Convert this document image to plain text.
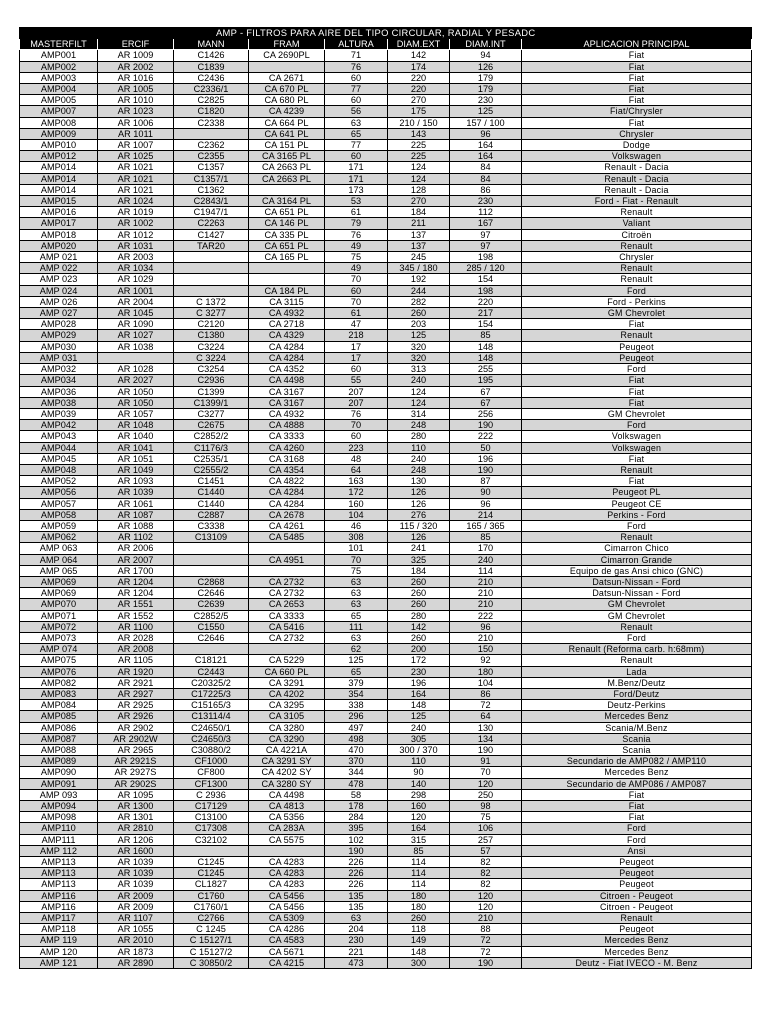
AMP - FILTROS PARA AIRE DEL TIPO CIRCULAR, RADIAL Y PESADC							
MASTERFILT	ERCIF	MANN	FRAM	ALTURA	DIAM.EXT	DIAM.INT	APLICACION PRINCIPAL
AMP001	AR 1009	C1426	CA 2690PL	71	142	94	Fiat
AMP002	AR 2002	C1839		76	174	126	Fiat
AMP003	AR 1016	C2436	CA 2671	60	220	179	Fiat
AMP004	AR 1005	C2336/1	CA 670 PL	77	220	179	Fiat
AMP005	AR 1010	C2825	CA 680 PL	60	270	230	Fiat
AMP007	AR 1023	C1820	CA 4239	56	175	125	Fiat/Chrysler
AMP008	AR 1006	C2338	CA 664 PL	63	210 / 150	157 / 100	Fiat
AMP009	AR 1011		CA 641 PL	65	143	96	Chrysler
AMP010	AR 1007	C2362	CA 151 PL	77	225	164	Dodge
AMP012	AR 1025	C2355	CA 3165 PL	60	225	164	Volkswagen
AMP014	AR 1021	C1357	CA 2663 PL	171	124	84	Renault - Dacia
AMP014	AR 1021	C1357/1	CA 2663 PL	171	124	84	Renault - Dacia
AMP014	AR 1021	C1362		173	128	86	Renault - Dacia
AMP015	AR 1024	C2843/1	CA 3164 PL	53	270	230	Ford - Fiat - Renault
AMP016	AR 1019	C1947/1	CA 651 PL	61	184	112	Renault
AMP017	AR 1002	C2263	CA 146 PL	79	211	167	Valiant
AMP018	AR 1012	C1427	CA 335 PL	76	137	97	Citroën
AMP020	AR 1031	TAR20	CA 651 PL	49	137	97	Renault
AMP 021	AR 2003		CA 165 PL	75	245	198	Chrysler
AMP 022	AR 1034			49	345 / 180	285 / 120	Renault
AMP 023	AR 1029			70	192	154	Renault
AMP 024	AR 1001		CA 184 PL	60	244	198	Ford
AMP 026	AR 2004	C 1372	CA 3115	70	282	220	Ford - Perkins
AMP 027	AR 1045	C 3277	CA 4932	61	260	217	GM Chevrolet
AMP028	AR 1090	C2120	CA 2718	47	203	154	Fiat
AMP029	AR 1027	C1380	CA 4329	218	125	85	Renault
AMP030	AR 1038	C3224	CA 4284	17	320	148	Peugeot
AMP 031		C 3224	CA 4284	17	320	148	Peugeot
AMP032	AR 1028	C3254	CA 4352	60	313	255	Ford
AMP034	AR 2027	C2936	CA 4498	55	240	195	Fiat
AMP036	AR 1050	C1399	CA 3167	207	124	67	Fiat
AMP038	AR 1050	C1399/1	CA 3167	207	124	67	Fiat
AMP039	AR 1057	C3277	CA 4932	76	314	256	GM Chevrolet
AMP042	AR 1048	C2675	CA 4888	70	248	190	Ford
AMP043	AR 1040	C2852/2	CA 3333	60	280	222	Volkswagen
AMP044	AR 1041	C1176/3	CA 4260	223	110	50	Volkswagen
AMP045	AR 1051	C2535/1	CA 3168	48	240	196	Fiat
AMP048	AR 1049	C2555/2	CA 4354	64	248	190	Renault
AMP052	AR 1093	C1451	CA 4822	163	130	87	Fiat
AMP056	AR 1039	C1440	CA 4284	172	126	90	Peugeot PL
AMP057	AR 1061	C1440	CA 4284	160	126	96	Peugeot CE
AMP058	AR 1087	C2887	CA 2678	104	276	214	Perkins - Ford
AMP059	AR 1088	C3338	CA 4261	46	115 / 320	165 / 365	Ford
AMP062	AR 1102	C13109	CA 5485	308	126	85	Renault
AMP 063	AR 2006			101	241	170	Cimarron Chico
AMP 064	AR 2007		CA 4951	70	325	240	Cimarron Grande
AMP 065	AR 1700			75	184	114	Equipo de gas Ansi chico (GNC)
AMP069	AR 1204	C2868	CA 2732	63	260	210	Datsun-Nissan - Ford
AMP069	AR 1204	C2646	CA 2732	63	260	210	Datsun-Nissan - Ford
AMP070	AR 1551	C2639	CA 2653	63	260	210	GM Chevrolet
AMP071	AR 1552	C2852/5	CA 3333	65	280	222	GM Chevrolet
AMP072	AR 1100	C1550	CA 5416	111	142	96	Renault
AMP073	AR 2028	C2646	CA 2732	63	260	210	Ford
AMP 074	AR 2008			62	200	150	Renault (Reforma carb. h:68mm)
AMP075	AR 1105	C18121	CA 5229	125	172	92	Renault
AMP076	AR 1920	C2443	CA 660 PL	65	230	180	Lada
AMP082	AR 2921	C20325/2	CA 3291	379	196	104	M.Benz/Deutz
AMP083	AR 2927	C17225/3	CA 4202	354	164	86	Ford/Deutz
AMP084	AR 2925	C15165/3	CA 3295	338	148	72	Deutz-Perkins
AMP085	AR 2926	C13114/4	CA 3105	296	125	64	Mercedes Benz
AMP086	AR 2902	C24650/1	CA 3280	497	240	130	Scania/M.Benz
AMP087	AR 2902W	C24650/3	CA 3290	498	305	134	Scania
AMP088	AR 2965	C30880/2	CA 4221A	470	300 / 370	190	Scania
AMP089	AR 2921S	CF1000	CA 3291 SY	370	110	91	Secundario de AMP082 / AMP110
AMP090	AR 2927S	CF800	CA 4202 SY	344	90	70	Mercedes Benz
AMP091	AR 2902S	CF1300	CA 3280 SY	478	140	120	Secundario de AMP086 / AMP087
AMP 093	AR 1095	C 2936	CA 4498	58	298	250	Fiat
AMP094	AR 1300	C17129	CA 4813	178	160	98	Fiat
AMP098	AR 1301	C13100	CA 5356	284	120	75	Fiat
AMP110	AR 2810	C17308	CA 283A	395	164	106	Ford
AMP111	AR 1206	C32102	CA 5575	102	315	257	Ford
AMP 112	AR 1600			190	85	57	Ansi
AMP113	AR 1039	C1245	CA 4283	226	114	82	Peugeot
AMP113	AR 1039	C1245	CA 4283	226	114	82	Peugeot
AMP113	AR 1039	CL1827	CA 4283	226	114	82	Peugeot
AMP116	AR 2009	C1760	CA 5456	135	180	120	Citroen - Peugeot
AMP116	AR 2009	C1760/1	CA 5456	135	180	120	Citroen - Peugeot
AMP117	AR 1107	C2766	CA 5309	63	260	210	Renault
AMP118	AR 1055	C 1245	CA 4286	204	118	88	Peugeot
AMP 119	AR 2010	C 15127/1	CA 4583	230	149	72	Mercedes Benz
AMP 120	AR 1873	C 15127/2	CA 5671	221	148	72	Mercedes Benz
AMP 121	AR 2890	C 30850/2	CA 4215	473	300	190	Deutz - Fiat IVECO - M. Benz
